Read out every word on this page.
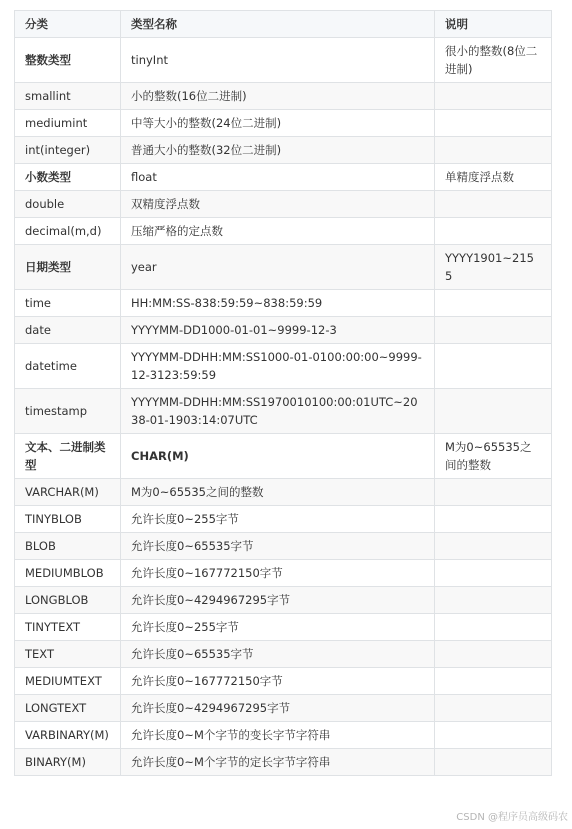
分类	类型名称	说明
整数类型	tinyInt	很小的整数(8位二进制)
smallint	小的整数(16位二进制)	
mediumint	中等大小的整数(24位二进制)	
int(integer)	普通大小的整数(32位二进制)	
小数类型	float	单精度浮点数
double	双精度浮点数	
decimal(m,d)	压缩严格的定点数	
日期类型	year	YYYY1901~2155
time	HH:MM:SS-838:59:59~838:59:59	
date	YYYYMM-DD1000-01-01~9999-12-3	
datetime	YYYYMM-DDHH:MM:SS1000-01-0100:00:00~9999-12-3123:59:59	
timestamp	YYYYMM-DDHH:MM:SS1970010100:00:01UTC~2038-01-1903:14:07UTC	
文本、二进制类型	CHAR(M)	M为0~65535之间的整数
VARCHAR(M)	M为0~65535之间的整数	
TINYBLOB	允许长度0~255字节	
BLOB	允许长度0~65535字节	
MEDIUMBLOB	允许长度0~167772150字节	
LONGBLOB	允许长度0~4294967295字节	
TINYTEXT	允许长度0~255字节	
TEXT	允许长度0~65535字节	
MEDIUMTEXT	允许长度0~167772150字节	
LONGTEXT	允许长度0~4294967295字节	
VARBINARY(M)	允许长度0~M个字节的变长字节字符串	
BINARY(M)	允许长度0~M个字节的定长字节字符串	
CSDN @程序员高级码农
